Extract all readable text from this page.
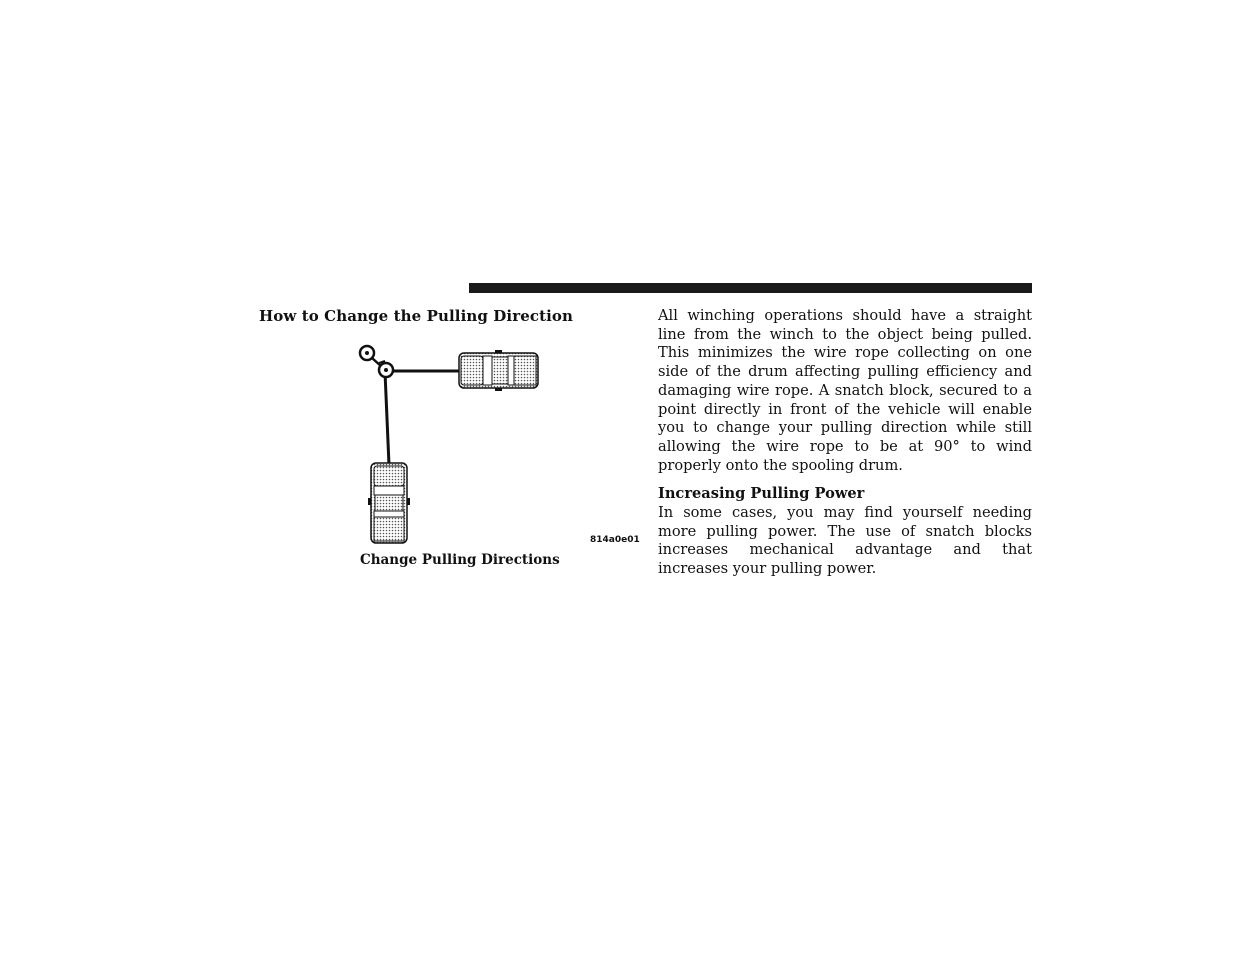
How to Change the Pulling Direction
814a0e01
Change Pulling Directions

All winching operations should have a straight line from the winch to the object being pulled. This minimizes the wire rope collecting on one side of the drum affecting pulling efficiency and damaging wire rope. A snatch block, secured to a point directly in front of the vehicle will enable you to change your pulling direction while still allowing the wire rope to be at 90° to wind properly onto the spooling drum.

Increasing Pulling Power

In some cases, you may find yourself needing more pulling power. The use of snatch blocks increases mechanical advantage and that increases your pulling power.
